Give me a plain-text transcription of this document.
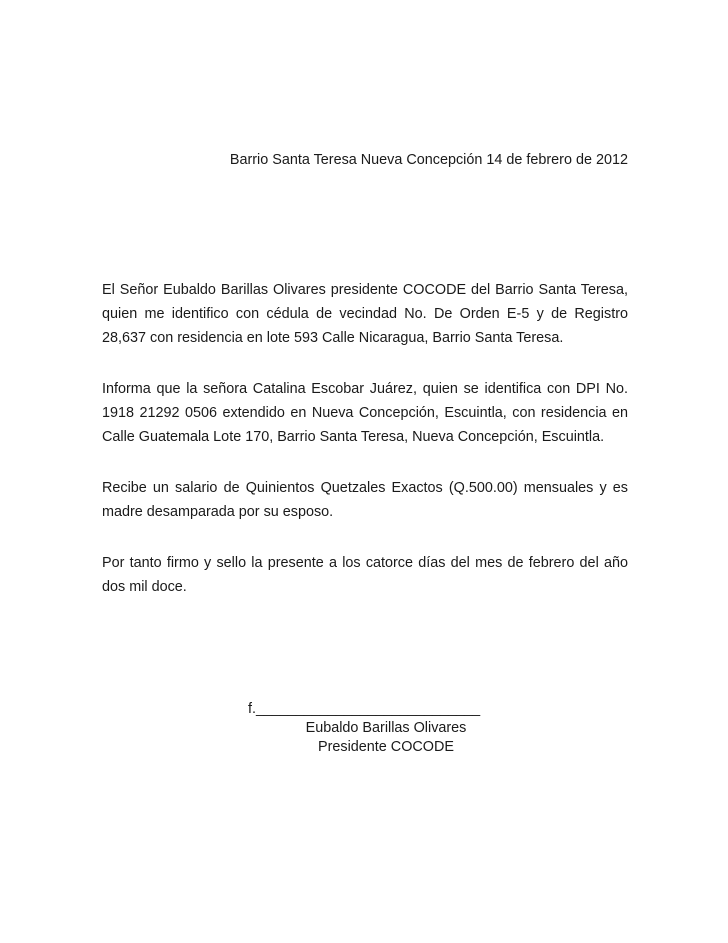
Barrio Santa Teresa Nueva Concepción 14 de febrero de 2012

El Señor Eubaldo Barillas Olivares presidente COCODE del Barrio Santa Teresa, quien me identifico con cédula de vecindad No. De Orden E-5 y de Registro 28,637 con residencia en lote 593 Calle Nicaragua, Barrio Santa Teresa.

Informa que la señora Catalina Escobar Juárez, quien se identifica con DPI No. 1918 21292 0506 extendido en Nueva Concepción, Escuintla, con residencia en Calle Guatemala Lote 170, Barrio Santa Teresa, Nueva Concepción, Escuintla.

Recibe un salario de Quinientos Quetzales Exactos (Q.500.00) mensuales y es madre desamparada por su esposo.

Por tanto firmo y sello la presente a los catorce días del mes de febrero del año dos mil doce.

f.____________________________
Eubaldo Barillas Olivares
Presidente COCODE
